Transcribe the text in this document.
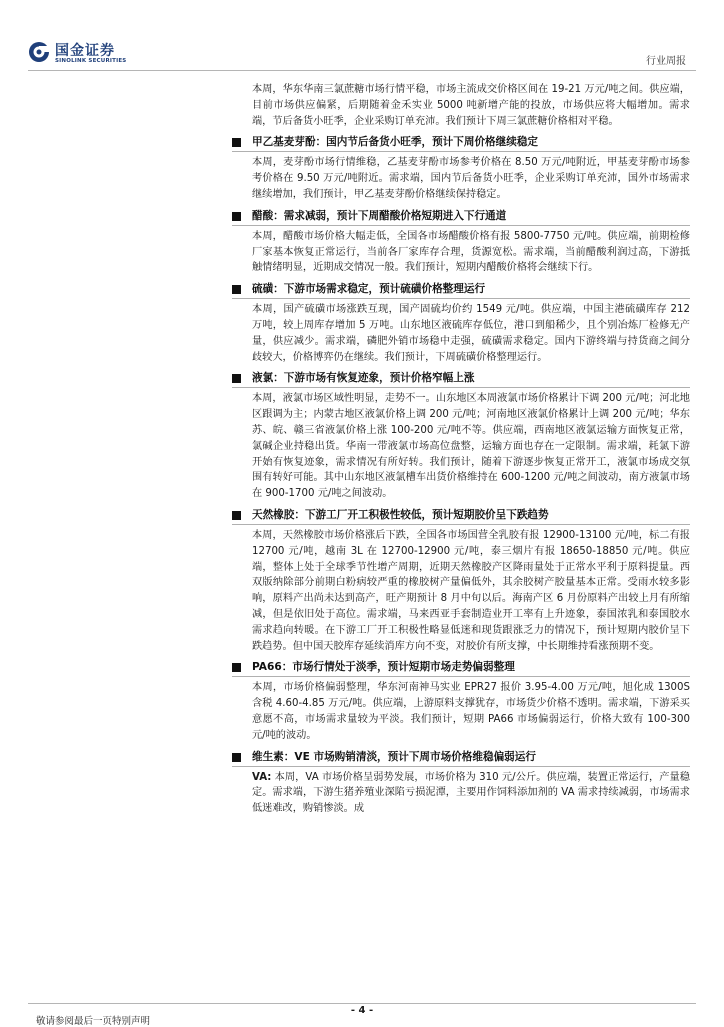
国金证券
SINOLINK SECURITIES	行业周报

本周，华东华南三氯蔗糖市场行情平稳，市场主流成交价格区间在 19-21 万元/吨之间。供应端，目前市场供应偏紧，后期随着金禾实业 5000 吨新增产能的投放，市场供应将大幅增加。需求端，节后备货小旺季，企业采购订单充沛。我们预计下周三氯蔗糖价格相对平稳。

甲乙基麦芽酚：国内节后备货小旺季，预计下周价格继续稳定

本周，麦芽酚市场行情维稳，乙基麦芽酚市场参考价格在 8.50 万元/吨附近，甲基麦芽酚市场参考价格在 9.50 万元/吨附近。需求端，国内节后备货小旺季，企业采购订单充沛，国外市场需求继续增加，我们预计，甲乙基麦芽酚价格继续保持稳定。

醋酸：需求减弱，预计下周醋酸价格短期进入下行通道

本周，醋酸市场价格大幅走低，全国各市场醋酸价格有报 5800-7750 元/吨。供应端，前期检修厂家基本恢复正常运行，当前各厂家库存合理，货源宽松。需求端，当前醋酸利润过高，下游抵触情绪明显，近期成交情况一般。我们预计，短期内醋酸价格将会继续下行。

硫磺：下游市场需求稳定，预计硫磺价格整理运行

本周，国产硫磺市场涨跌互现，国产固硫均价约 1549 元/吨。供应端，中国主港硫磺库存 212 万吨，较上周库存增加 5 万吨。山东地区液硫库存低位，港口到船稀少，且个别冶炼厂检修无产量，供应减少。需求端，磷肥外销市场稳中走强，硫磺需求稳定。国内下游终端与持货商之间分歧较大，价格博弈仍在继续。我们预计，下周硫磺价格整理运行。

液氯：下游市场有恢复迹象，预计价格窄幅上涨

本周，液氯市场区域性明显，走势不一。山东地区本周液氯市场价格累计下调 200 元/吨；河北地区跟调为主；内蒙古地区液氯价格上调 200 元/吨；河南地区液氯价格累计上调 200 元/吨；华东苏、皖、赣三省液氯价格上涨 100-200 元/吨不等。供应端，西南地区液氯运输方面恢复正常，氯碱企业持稳出货。华南一带液氯市场高位盘整，运输方面也存在一定限制。需求端，耗氯下游开始有恢复迹象，需求情况有所好转。我们预计，随着下游逐步恢复正常开工，液氯市场成交氛围有转好可能。其中山东地区液氯槽车出货价格维持在 600-1200 元/吨之间波动，南方液氯市场在 900-1700 元/吨之间波动。

天然橡胶：下游工厂开工积极性较低，预计短期胶价呈下跌趋势

本周，天然橡胶市场价格涨后下跌，全国各市场国营全乳胶有报 12900-13100 元/吨，标二有报 12700 元/吨，越南 3L 在 12700-12900 元/吨，泰三烟片有报 18650-18850 元/吨。供应端，整体上处于全球季节性增产周期，近期天然橡胶产区降雨量处于正常水平利于原料提量。西双版纳除部分前期白粉病较严重的橡胶树产量偏低外，其余胶树产胶量基本正常。受雨水较多影响，原料产出尚未达到高产，旺产期预计 8 月中旬以后。海南产区 6 月份原料产出较上月有所缩减，但是依旧处于高位。需求端，马来西亚手套制造业开工率有上升迹象，泰国浓乳和泰国胶水需求趋向转暖。在下游工厂开工积极性略显低迷和现货跟涨乏力的情况下，预计短期内胶价呈下跌趋势。但中国天胶库存延续消库方向不变，对胶价有所支撑，中长期维持看涨预期不变。

PA66：市场行情处于淡季，预计短期市场走势偏弱整理

本周，市场价格偏弱整理，华东河南神马实业 EPR27 报价 3.95-4.00 万元/吨，旭化成 1300S 含税 4.60-4.85 万元/吨。供应端，上游原料支撑犹存，市场货少价格不透明。需求端，下游采买意愿不高，市场需求量较为平淡。我们预计，短期 PA66 市场偏弱运行，价格大致有 100-300 元/吨的波动。

维生素：VE 市场购销清淡，预计下周市场价格维稳偏弱运行

VA: 本周，VA 市场价格呈弱势发展，市场价格为 310 元/公斤。供应端，装置正常运行，产量稳定。需求端，下游生猪养殖业深陷亏损泥潭，主要用作饲料添加剂的 VA 需求持续减弱，市场需求低迷难改，购销惨淡。成

- 4 -
敬请参阅最后一页特别声明
